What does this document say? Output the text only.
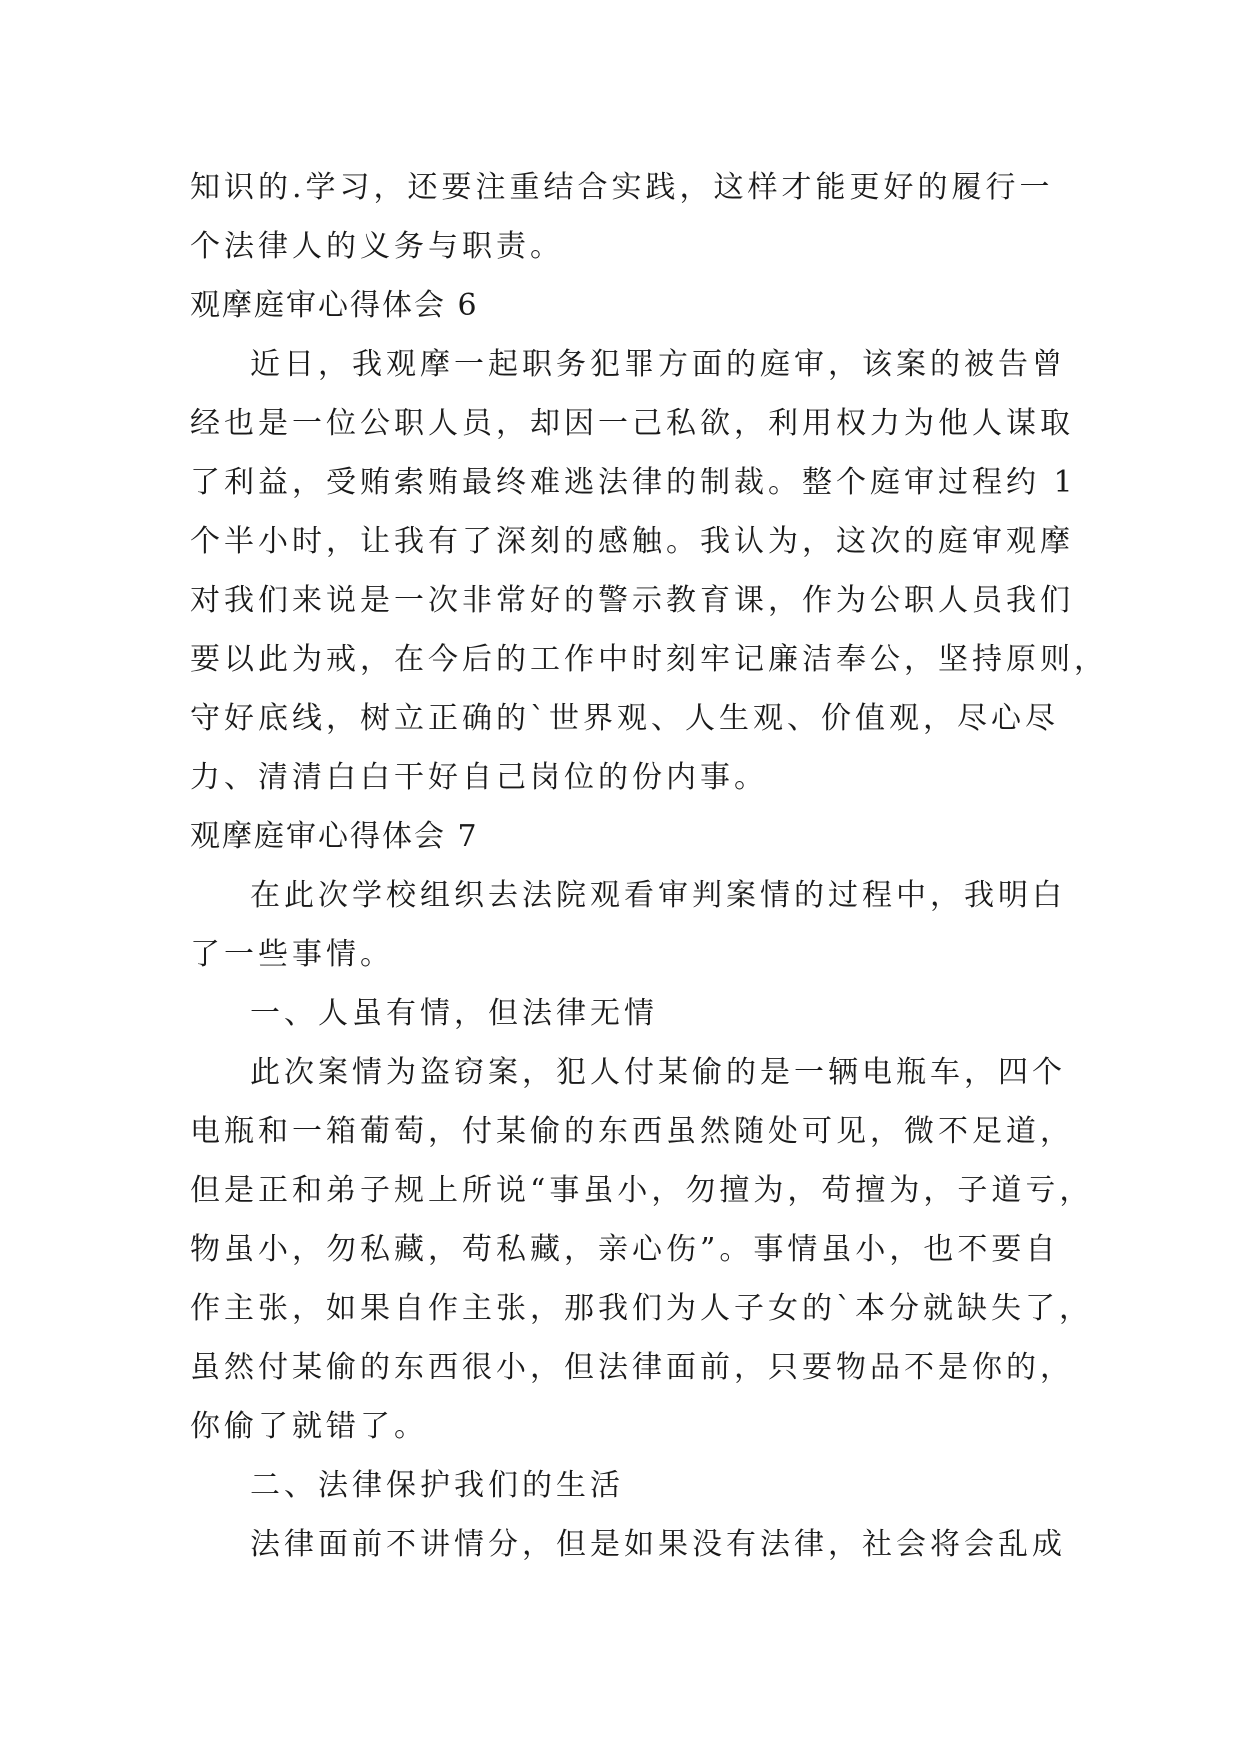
知识的.学习，还要注重结合实践，这样才能更好的履行一
个法律人的义务与职责。
观摩庭审心得体会 6
近日，我观摩一起职务犯罪方面的庭审，该案的被告曾
经也是一位公职人员，却因一己私欲，利用权力为他人谋取
了利益，受贿索贿最终难逃法律的制裁。整个庭审过程约 1
个半小时，让我有了深刻的感触。我认为，这次的庭审观摩
对我们来说是一次非常好的警示教育课，作为公职人员我们
要以此为戒，在今后的工作中时刻牢记廉洁奉公，坚持原则，
守好底线，树立正确的`世界观、人生观、价值观，尽心尽
力、清清白白干好自己岗位的份内事。
观摩庭审心得体会 7
在此次学校组织去法院观看审判案情的过程中，我明白
了一些事情。
一、人虽有情，但法律无情
此次案情为盗窃案，犯人付某偷的是一辆电瓶车，四个
电瓶和一箱葡萄，付某偷的东西虽然随处可见，微不足道，
但是正和弟子规上所说“事虽小，勿擅为，苟擅为，子道亏，
物虽小，勿私藏，苟私藏，亲心伤”。事情虽小，也不要自
作主张，如果自作主张，那我们为人子女的`本分就缺失了，
虽然付某偷的东西很小，但法律面前，只要物品不是你的，
你偷了就错了。
二、法律保护我们的生活
法律面前不讲情分，但是如果没有法律，社会将会乱成
